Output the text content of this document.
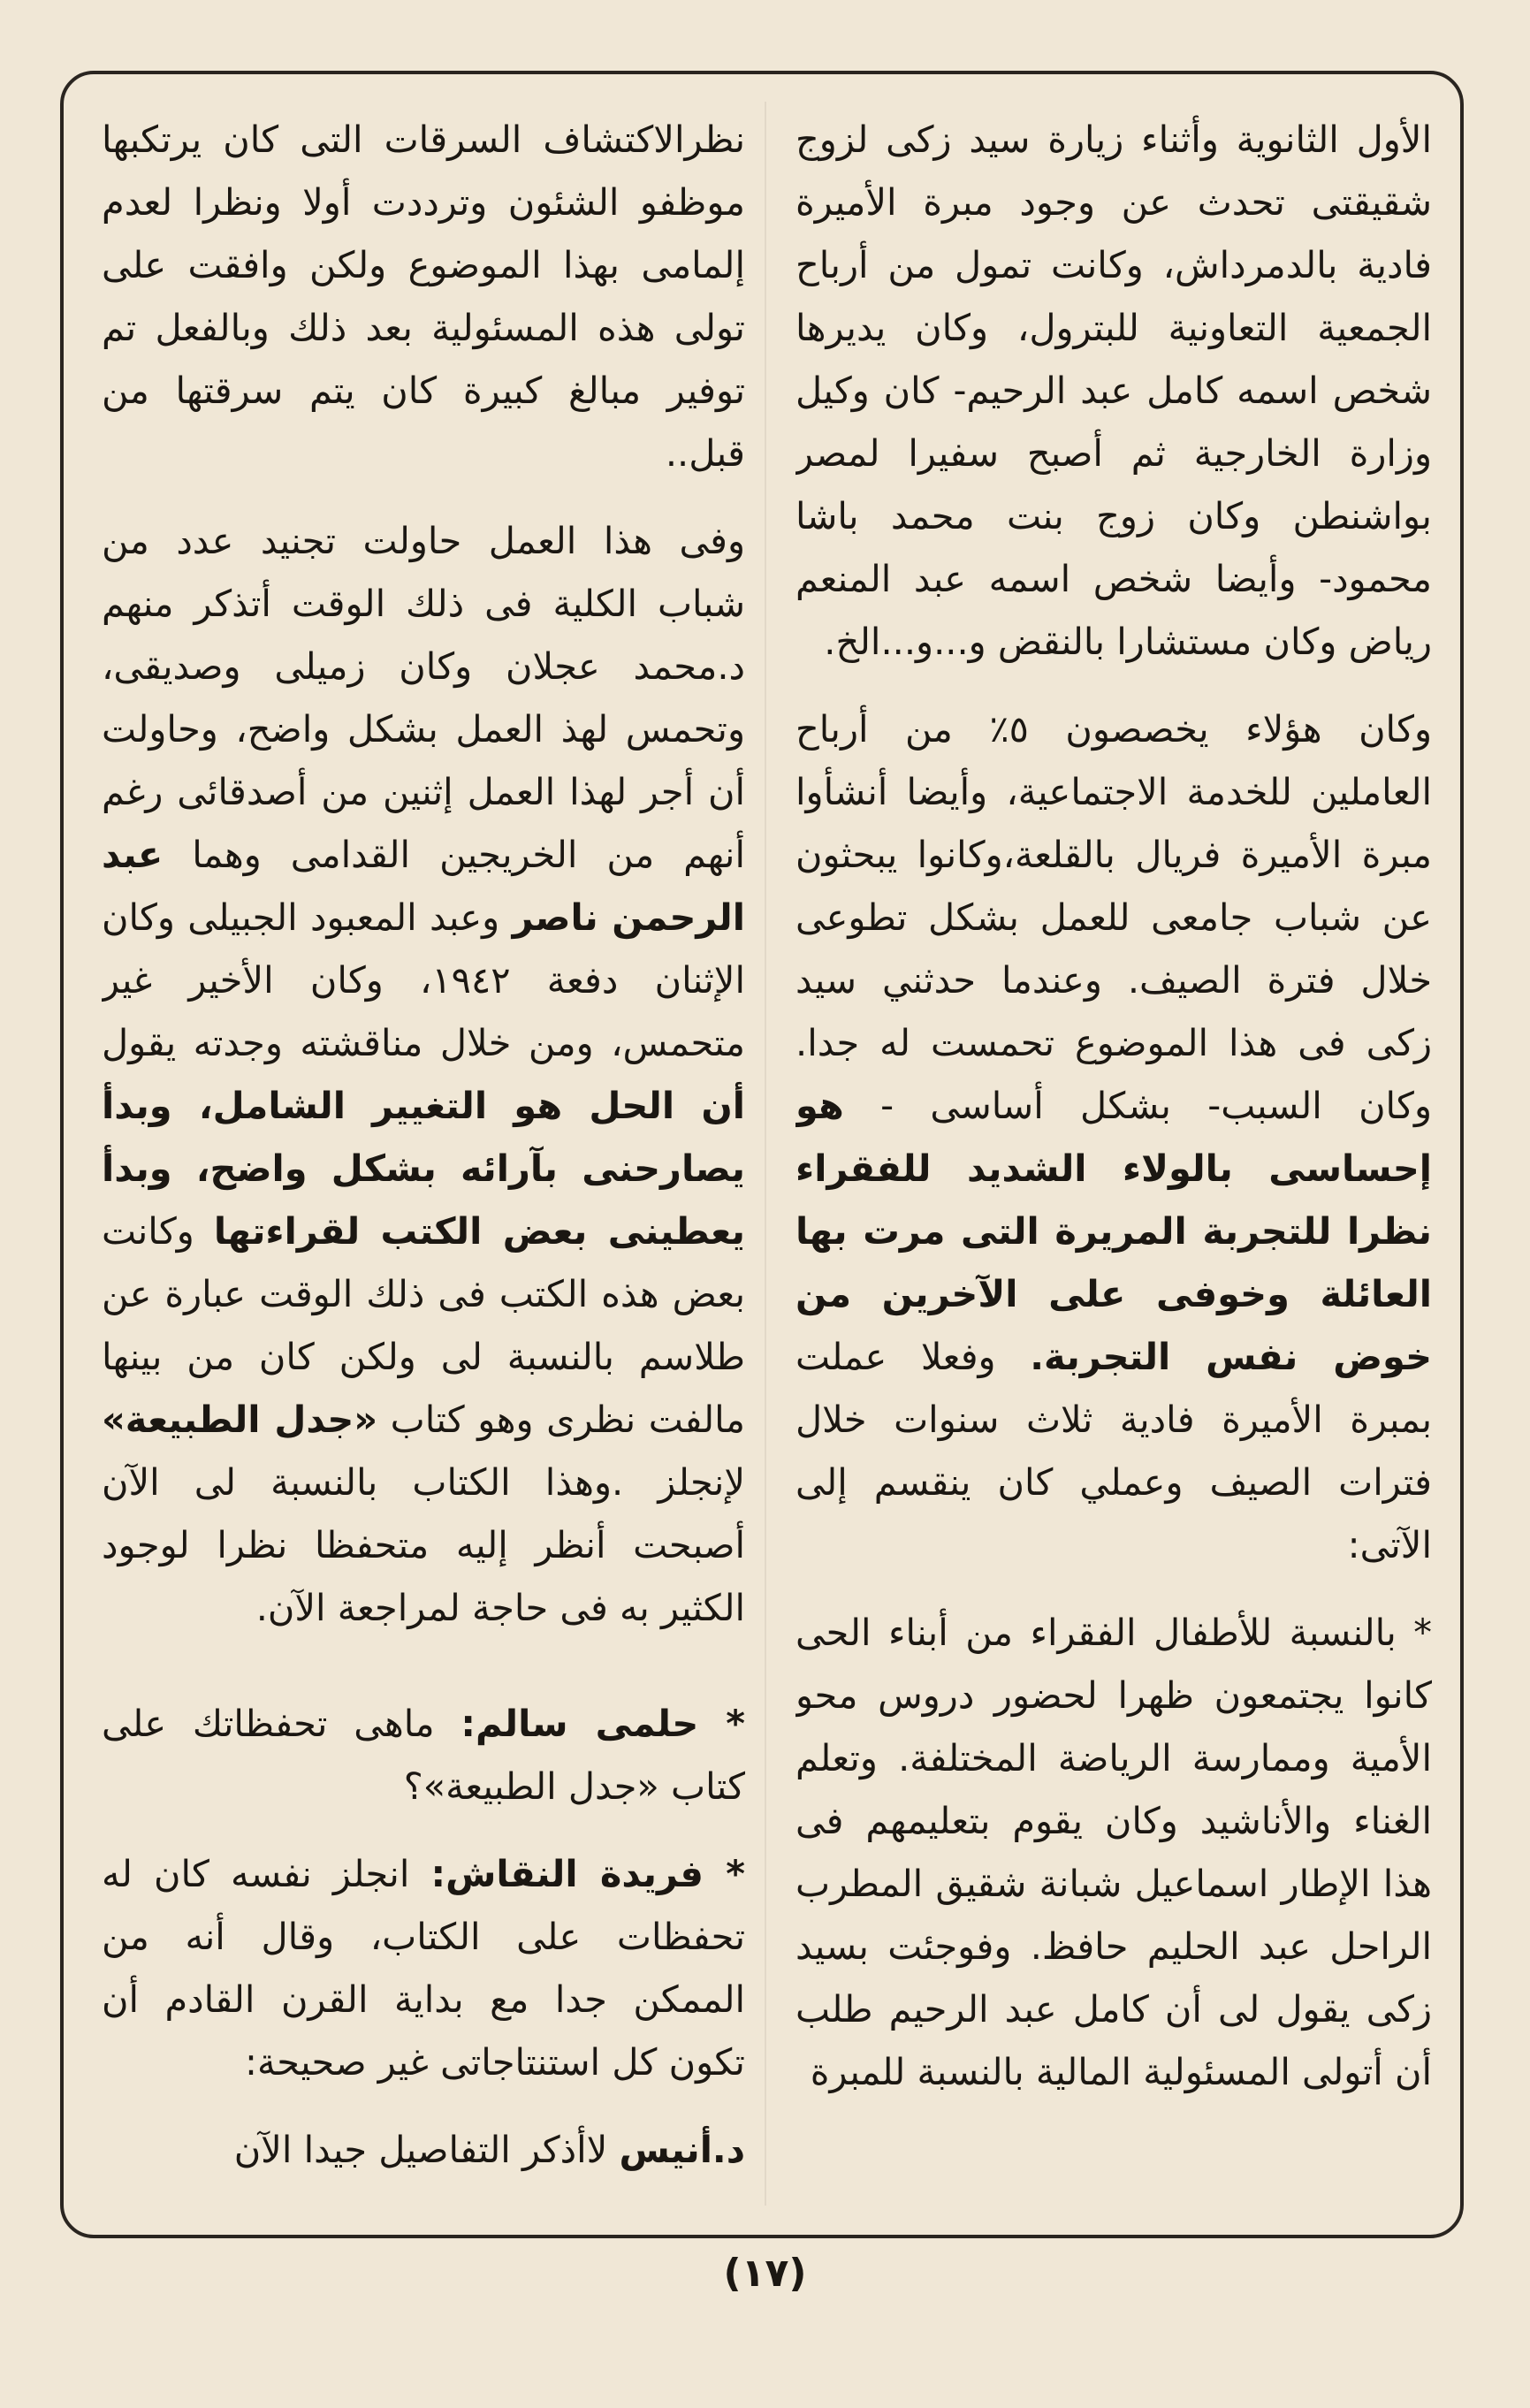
الأول الثانوية وأثناء زيارة سيد زكى لزوج شقيقتى تحدث عن وجود مبرة الأميرة فادية بالدمرداش، وكانت تمول من أرباح الجمعية التعاونية للبترول، وكان يديرها شخص اسمه كامل عبد الرحيم- كان وكيل وزارة الخارجية ثم أصبح سفيرا لمصر بواشنطن وكان زوج بنت محمد باشا محمود- وأيضا شخص اسمه عبد المنعم رياض وكان مستشارا بالنقض و...و...الخ.

وكان هؤلاء يخصصون ٥٪ من أرباح العاملين للخدمة الاجتماعية، وأيضا أنشأوا مبرة الأميرة فريال بالقلعة،وكانوا يبحثون عن شباب جامعى للعمل بشكل تطوعى خلال فترة الصيف. وعندما حدثني سيد زكى فى هذا الموضوع تحمست له جدا. وكان السبب- بشكل أساسى - هو إحساسى بالولاء الشديد للفقراء نظرا للتجربة المريرة التى مرت بها العائلة وخوفى على الآخرين من خوض نفس التجربة. وفعلا عملت بمبرة الأميرة فادية ثلاث سنوات خلال فترات الصيف وعملي كان ينقسم إلى الآتى:

* بالنسبة للأطفال الفقراء من أبناء الحى كانوا يجتمعون ظهرا لحضور دروس محو الأمية وممارسة الرياضة المختلفة. وتعلم الغناء والأناشيد وكان يقوم بتعليمهم فى هذا الإطار اسماعيل شبانة شقيق المطرب الراحل عبد الحليم حافظ. وفوجئت بسيد زكى يقول لى أن كامل عبد الرحيم طلب أن أتولى المسئولية المالية بالنسبة للمبرة

نظرالاكتشاف السرقات التى كان يرتكبها موظفو الشئون وترددت أولا ونظرا لعدم إلمامى بهذا الموضوع ولكن وافقت على تولى هذه المسئولية بعد ذلك وبالفعل تم توفير مبالغ كبيرة كان يتم سرقتها من قبل..

وفى هذا العمل حاولت تجنيد عدد من شباب الكلية فى ذلك الوقت أتذكر منهم د.محمد عجلان وكان زميلى وصديقى، وتحمس لهذ العمل بشكل واضح، وحاولت أن أجر لهذا العمل إثنين من أصدقائى رغم أنهم من الخريجين القدامى وهما عبد الرحمن ناصر وعبد المعبود الجبيلى وكان الإثنان دفعة ١٩٤٢، وكان الأخير غير متحمس، ومن خلال مناقشته وجدته يقول أن الحل هو التغيير الشامل، وبدأ يصارحنى بآرائه بشكل واضح، وبدأ يعطينى بعض الكتب لقراءتها وكانت بعض هذه الكتب فى ذلك الوقت عبارة عن طلاسم بالنسبة لى ولكن كان من بينها مالفت نظرى وهو كتاب «جدل الطبيعة» لإنجلز .وهذا الكتاب بالنسبة لى الآن أصبحت أنظر إليه متحفظا نظرا لوجود الكثير به فى حاجة لمراجعة الآن.

* حلمى سالم: ماهى تحفظاتك على كتاب «جدل الطبيعة»؟

* فريدة النقاش: انجلز نفسه كان له تحفظات على الكتاب، وقال أنه من الممكن جدا مع بداية القرن القادم أن تكون كل استنتاجاتى غير صحيحة:

د.أنيس لاأذكر التفاصيل جيدا الآن

(١٧)
